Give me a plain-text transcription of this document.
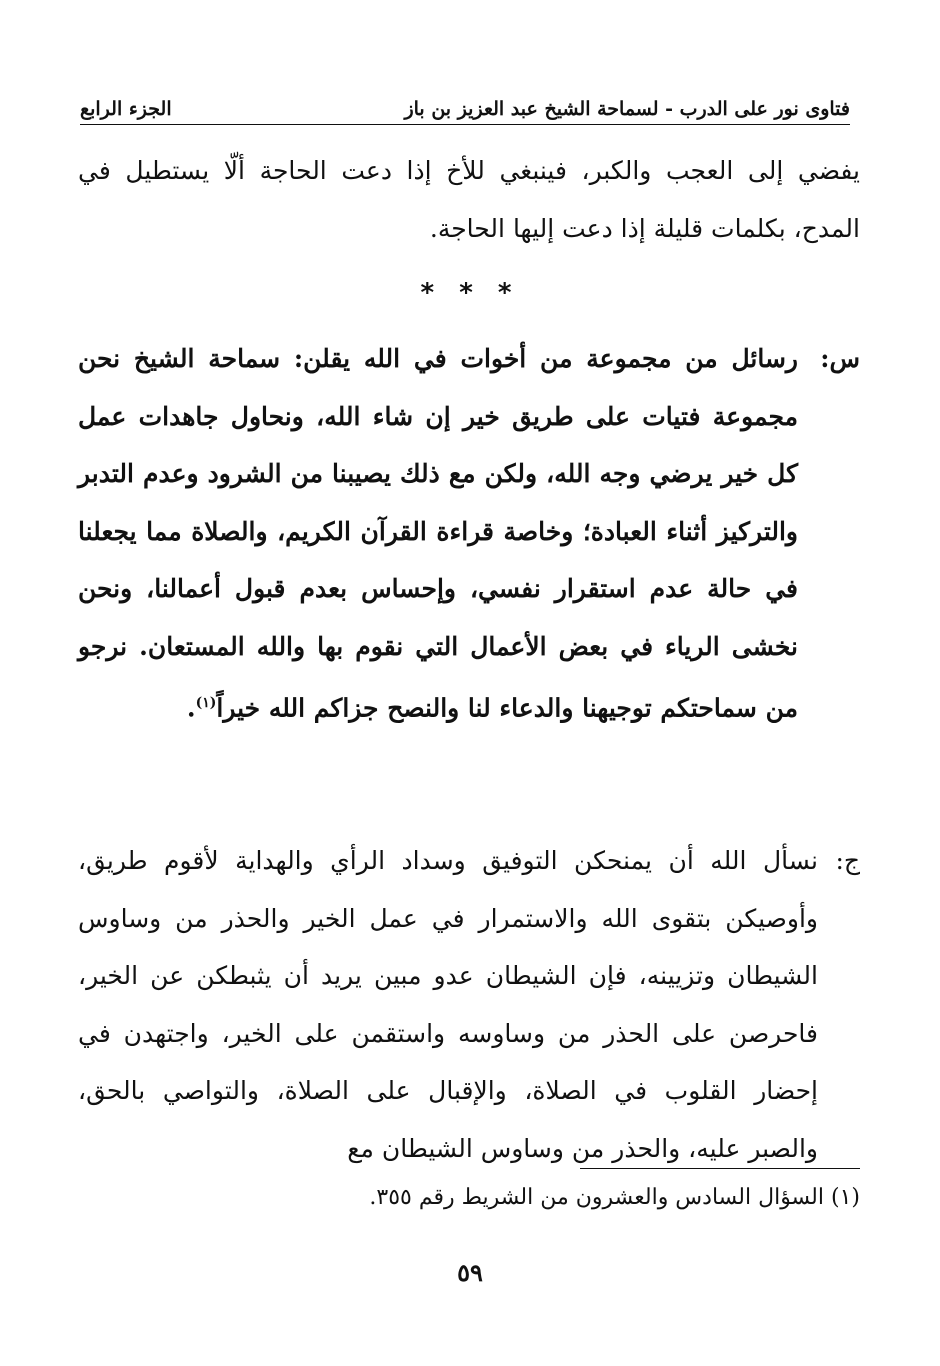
فتاوى نور على الدرب - لسماحة الشيخ عبد العزيز بن باز
الجزء الرابع
يفضي إلى العجب والكبر، فينبغي للأخ إذا دعت الحاجة ألّا يستطيل في المدح، بكلمات قليلة إذا دعت إليها الحاجة.
* * *
س:
رسائل من مجموعة من أخوات في الله يقلن: سماحة الشيخ نحن مجموعة فتيات على طريق خير إن شاء الله، ونحاول جاهدات عمل كل خير يرضي وجه الله، ولكن مع ذلك يصيبنا من الشرود وعدم التدبر والتركيز أثناء العبادة؛ وخاصة قراءة القرآن الكريم، والصلاة مما يجعلنا في حالة عدم استقرار نفسي، وإحساس بعدم قبول أعمالنا، ونحن نخشى الرياء في بعض الأعمال التي نقوم بها والله المستعان. نرجو من سماحتكم توجيهنا والدعاء لنا والنصح جزاكم الله خيراً$^{(١)}$.
ج:
نسأل الله أن يمنحكن التوفيق وسداد الرأي والهداية لأقوم طريق، وأوصيكن بتقوى الله والاستمرار في عمل الخير والحذر من وساوس الشيطان وتزيينه، فإن الشيطان عدو مبين يريد أن يثبطكن عن الخير، فاحرصن على الحذر من وساوسه واستقمن على الخير، واجتهدن في إحضار القلوب في الصلاة، والإقبال على الصلاة، والتواصي بالحق، والصبر عليه، والحذر من وساوس الشيطان مع
(١) السؤال السادس والعشرون من الشريط رقم ٣٥٥.
٥٩
